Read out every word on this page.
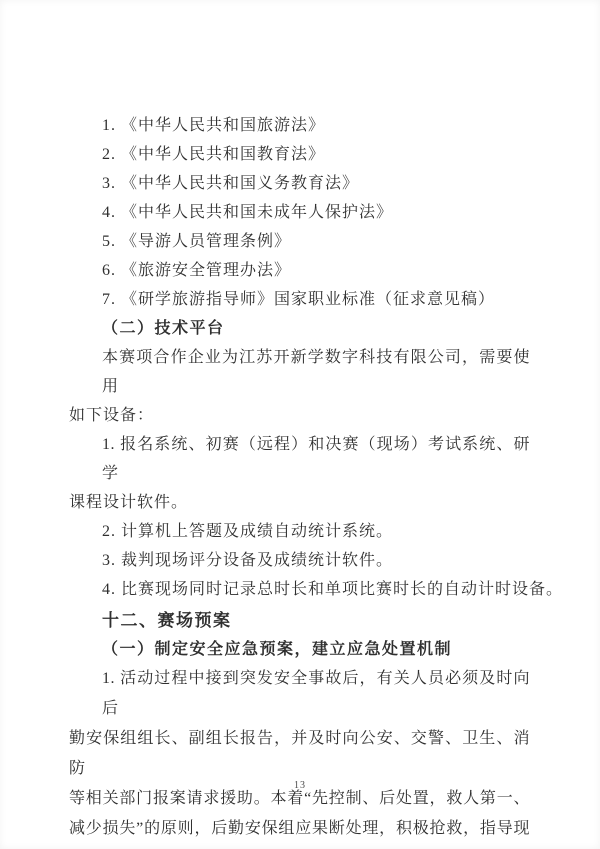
1. 《中华人民共和国旅游法》
2. 《中华人民共和国教育法》
3. 《中华人民共和国义务教育法》
4. 《中华人民共和国未成年人保护法》
5. 《导游人员管理条例》
6. 《旅游安全管理办法》
7. 《研学旅游指导师》国家职业标准（征求意见稿）
（二）技术平台
本赛项合作企业为江苏开新学数字科技有限公司，需要使用
如下设备：
1. 报名系统、初赛（远程）和决赛（现场）考试系统、研学
课程设计软件。
2. 计算机上答题及成绩自动统计系统。
3. 裁判现场评分设备及成绩统计软件。
4. 比赛现场同时记录总时长和单项比赛时长的自动计时设备。
十二、赛场预案
（一）制定安全应急预案，建立应急处置机制
1. 活动过程中接到突发安全事故后，有关人员必须及时向后
勤安保组组长、副组长报告，并及时向公安、交警、卫生、消防
等相关部门报案请求援助。本着“先控制、后处置，救人第一、
减少损失”的原则，后勤安保组应果断处理，积极抢救，指导现
13
